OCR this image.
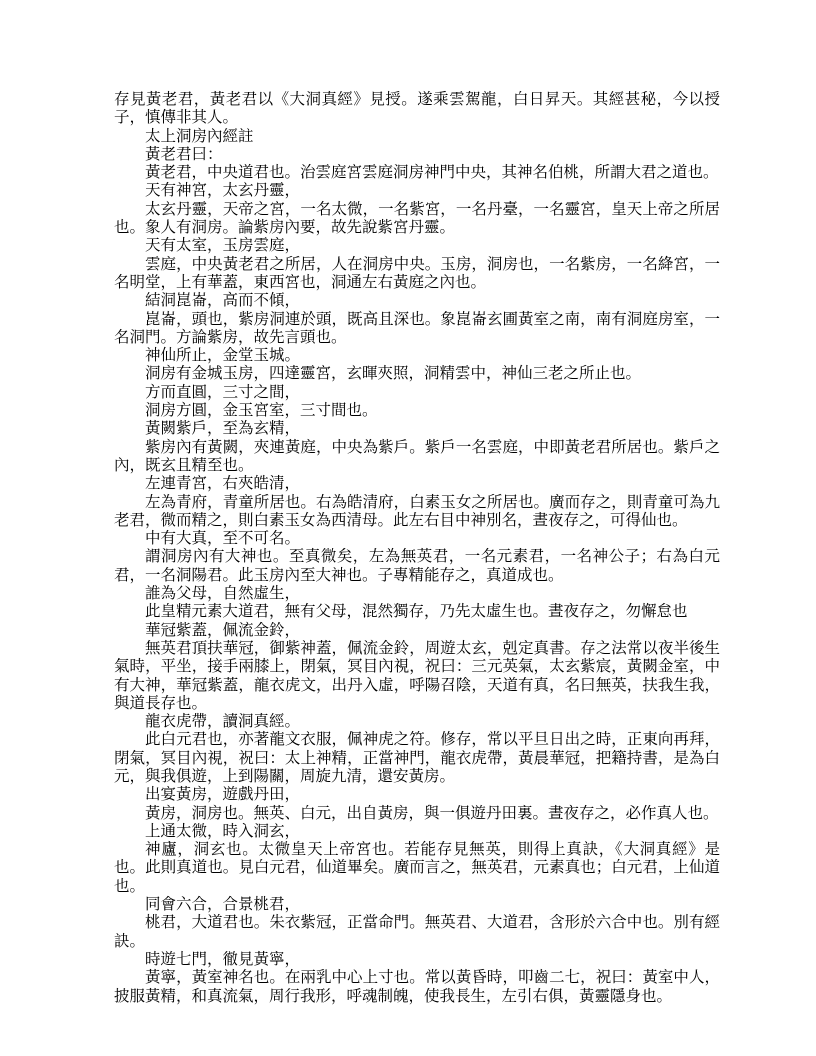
存見黃老君，黃老君以《大洞真經》見授。遂乘雲駕龍，白日昇天。其經甚秘，今以授子，慎傳非其人。

太上洞房內經註

黃老君曰：

黃老君，中央道君也。治雲庭宮雲庭洞房神門中央，其神名伯桃，所謂大君之道也。

天有神宮，太玄丹靈，

太玄丹靈，天帝之宮，一名太微，一名紫宮，一名丹臺，一名靈宮，皇天上帝之所居也。象人有洞房。論紫房內要，故先說紫宮丹靈。

天有太室，玉房雲庭，

雲庭，中央黃老君之所居，人在洞房中央。玉房，洞房也，一名紫房，一名絳宮，一名明堂，上有華蓋，東西宮也，洞通左右黃庭之內也。

結洞崑崙，高而不傾，

崑崙，頭也，紫房洞連於頭，既高且深也。象崑崙玄圃黃室之南，南有洞庭房室，一名洞門。方論紫房，故先言頭也。

神仙所止，金堂玉城。

洞房有金城玉房，四達靈宮，玄暉夾照，洞精雲中，神仙三老之所止也。

方而直圓，三寸之間，

洞房方圓，金玉宮室，三寸間也。

黃闕紫戶，至為玄精，

紫房內有黃闕，夾連黃庭，中央為紫戶。紫戶一名雲庭，中即黃老君所居也。紫戶之內，既玄且精至也。

左連青宮，右夾皓清，

左為青府，青童所居也。右為皓清府，白素玉女之所居也。廣而存之，則青童可為九老君，微而精之，則白素玉女為西清母。此左右目中神別名，晝夜存之，可得仙也。

中有大真，至不可名。

謂洞房內有大神也。至真微矣，左為無英君，一名元素君，一名神公子；右為白元君，一名洞陽君。此玉房內至大神也。子專精能存之，真道成也。

誰為父母，自然虛生，

此皇精元素大道君，無有父母，混然獨存，乃先太虛生也。晝夜存之，勿懈怠也

華冠紫蓋，佩流金鈴，

無英君頂扶華冠，御紫神蓋，佩流金鈴，周遊太玄，剋定真書。存之法常以夜半後生氣時，平坐，接手兩膝上，閉氣，冥目內視，祝曰：三元英氣，太玄紫宸，黃闕金室，中有大神，華冠紫蓋，龍衣虎文，出丹入虛，呼陽召陰，天道有真，名曰無英，扶我生我，與道長存也。

龍衣虎帶，讀洞真經。

此白元君也，亦著龍文衣服，佩神虎之符。修存，常以平旦日出之時，正東向再拜，閉氣，冥目內視，祝曰：太上神精，正當神門，龍衣虎帶，黃晨華冠，把籍持書，是為白元，與我俱遊，上到陽關，周旋九清，還安黃房。

出宴黃房，遊戲丹田，

黃房，洞房也。無英、白元，出自黃房，與一俱遊丹田裏。晝夜存之，必作真人也。

上通太微，時入洞玄，

神廬，洞玄也。太微皇天上帝宮也。若能存見無英，則得上真訣，《大洞真經》是也。此則真道也。見白元君，仙道畢矣。廣而言之，無英君，元素真也；白元君，上仙道也。

同會六合，合景桃君，

桃君，大道君也。朱衣紫冠，正當命門。無英君、大道君，含形於六合中也。別有經訣。

時遊七門，徹見黃寧，

黃寧，黃室神名也。在兩乳中心上寸也。常以黃昏時，叩齒二七，祝曰：黃室中人，披服黃精，和真流氣，周行我形，呼魂制魄，使我長生，左引右俱，黃靈隱身也。
